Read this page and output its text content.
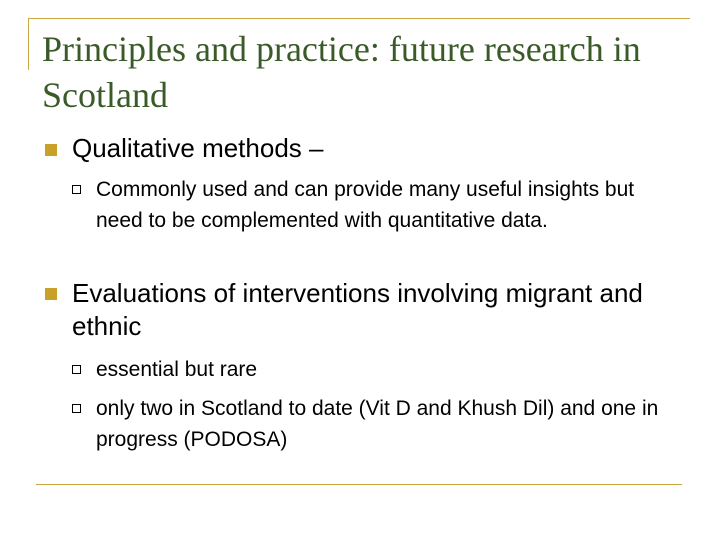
Principles and practice: future research in Scotland
Qualitative methods –
Commonly used and can provide many useful insights but need to be complemented with quantitative data.
Evaluations of interventions involving migrant and ethnic
essential but rare
only two in Scotland to date (Vit D and Khush Dil) and one in progress (PODOSA)
